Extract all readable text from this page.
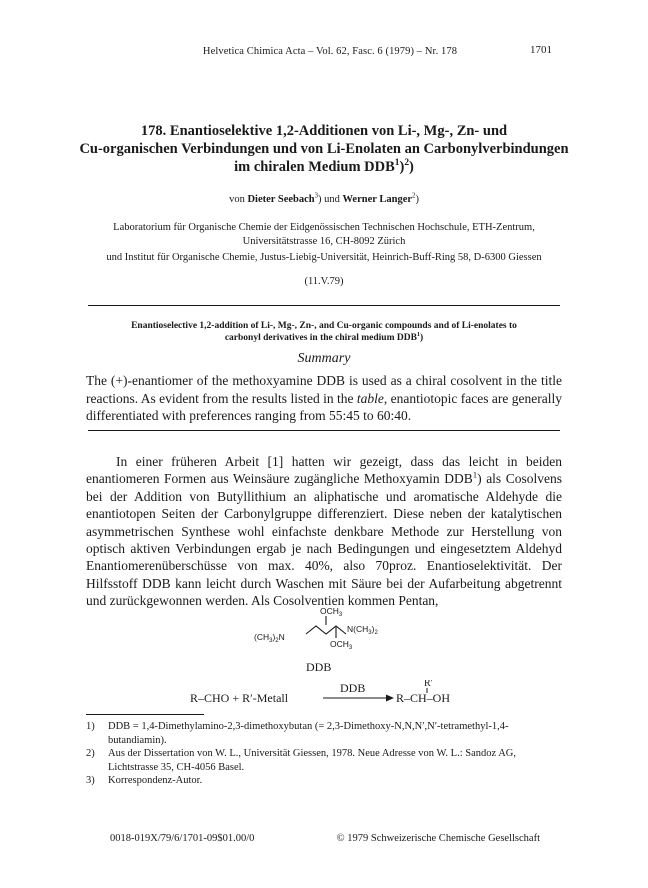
Helvetica Chimica Acta – Vol. 62, Fasc. 6 (1979) – Nr. 178	1701
178. Enantioselektive 1,2-Additionen von Li-, Mg-, Zn- und
Cu-organischen Verbindungen und von Li-Enolaten an Carbonylverbindungen
im chiralen Medium DDB$^1$)$^2$)
von Dieter Seebach$^3$) und Werner Langer$^2$)
Laboratorium für Organische Chemie der Eidgenössischen Technischen Hochschule, ETH-Zentrum,
Universitätstrasse 16, CH-8092 Zürich
und Institut für Organische Chemie, Justus-Liebig-Universität, Heinrich-Buff-Ring 58, D-6300 Giessen
(11.V.79)
Enantioselective 1,2-addition of Li-, Mg-, Zn-, and Cu-organic compounds and of Li-enolates to
carbonyl derivatives in the chiral medium DDB$^1$)
Summary
The (+)-enantiomer of the methoxyamine DDB is used as a chiral cosolvent in the title reactions. As evident from the results listed in the table, enantiotopic faces are generally differentiated with preferences ranging from 55:45 to 60:40.
In einer früheren Arbeit [1] hatten wir gezeigt, dass das leicht in beiden enantiomeren Formen aus Weinsäure zugängliche Methoxyamin DDB$^1$) als Cosolvens bei der Addition von Butyllithium an aliphatische und aromatische Aldehyde die enantiotopen Seiten der Carbonylgruppe differenziert. Diese neben der katalytischen asymmetrischen Synthese wohl einfachste denkbare Methode zur Herstellung von optisch aktiven Verbindungen ergab je nach Bedingungen und eingesetztem Aldehyd Enantiomerenüberschüsse von max. 40%, also 70proz. Enantioselektivität. Der Hilfsstoff DDB kann leicht durch Waschen mit Säure bei der Aufarbeitung abgetrennt und zurückgewonnen werden. Als Cosolventien kommen Pentan,
$OCH_3$
$N(CH_3)_2$
$(CH_3)_2N$
$OCH_3$
DDB
R–CHO + R′-Metall
DDB	R′
R–CH–OH
1)	DDB = 1,4-Dimethylamino-2,3-dimethoxybutan (= 2,3-Dimethoxy-N,N,N′,N′-tetramethyl-1,4-butandiamin).
2)	Aus der Dissertation von W. L., Universität Giessen, 1978. Neue Adresse von W. L.: Sandoz AG, Lichtstrasse 35, CH-4056 Basel.
3)	Korrespondenz-Autor.
0018-019X/79/6/1701-09$01.00/0	© 1979 Schweizerische Chemische Gesellschaft
